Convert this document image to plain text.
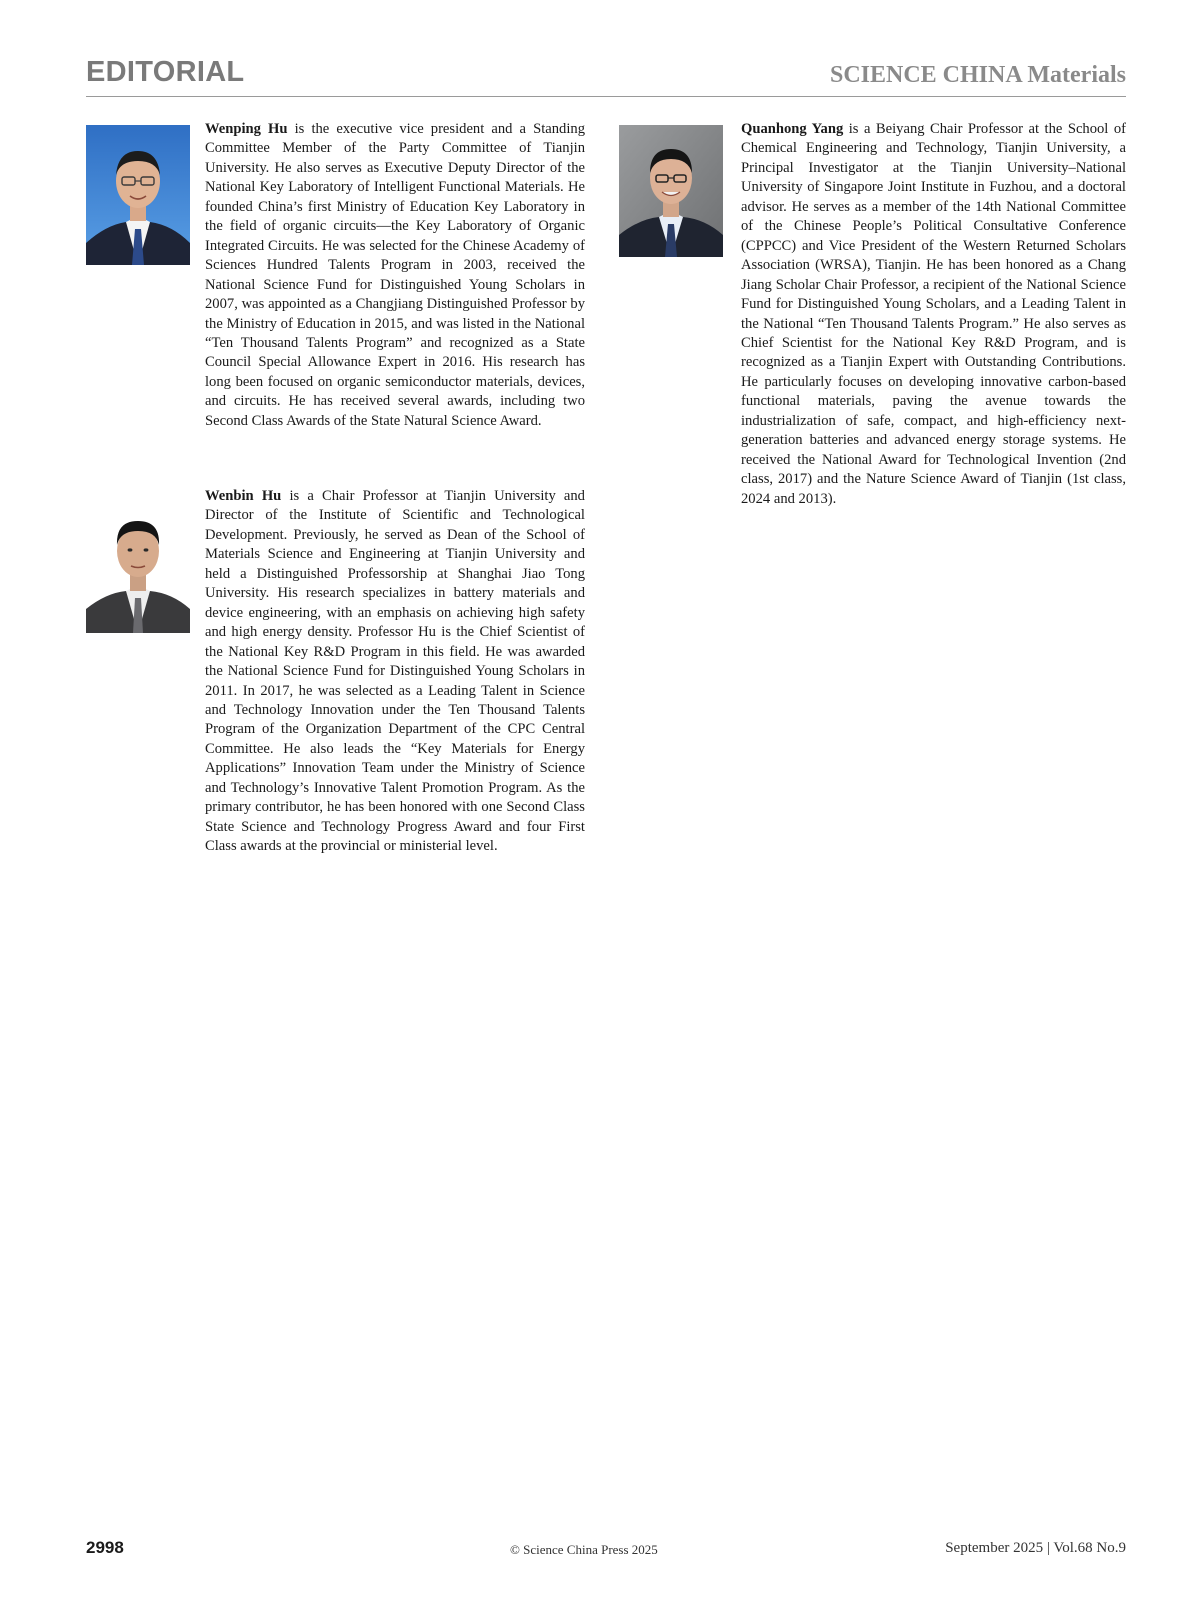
EDITORIAL	SCIENCE CHINA Materials

Wenping Hu is the executive vice president and a Standing Committee Member of the Party Committee of Tianjin University. He also serves as Executive Deputy Director of the National Key Laboratory of Intelligent Functional Materials. He founded China’s first Ministry of Education Key Laboratory in the field of organic circuits—the Key Laboratory of Organic Integrated Circuits. He was selected for the Chinese Academy of Sciences Hundred Talents Program in 2003, received the National Science Fund for Distinguished Young Scholars in 2007, was appointed as a Changjiang Distinguished Professor by the Ministry of Education in 2015, and was listed in the National “Ten Thousand Talents Program” and recognized as a State Council Special Allowance Expert in 2016. His research has long been focused on organic semiconductor materials, devices, and circuits. He has received several awards, including two Second Class Awards of the State Natural Science Award.

Wenbin Hu is a Chair Professor at Tianjin University and Director of the Institute of Scientific and Technological Development. Previously, he served as Dean of the School of Materials Science and Engineering at Tianjin University and held a Distinguished Professorship at Shanghai Jiao Tong University. His research specializes in battery materials and device engineering, with an emphasis on achieving high safety and high energy density. Professor Hu is the Chief Scientist of the National Key R&D Program in this field. He was awarded the National Science Fund for Distinguished Young Scholars in 2011. In 2017, he was selected as a Leading Talent in Science and Technology Innovation under the Ten Thousand Talents Program of the Organization Department of the CPC Central Committee. He also leads the “Key Materials for Energy Applications” Innovation Team under the Ministry of Science and Technology’s Innovative Talent Promotion Program. As the primary contributor, he has been honored with one Second Class State Science and Technology Progress Award and four First Class awards at the provincial or ministerial level.

Quanhong Yang is a Beiyang Chair Professor at the School of Chemical Engineering and Technology, Tianjin University, a Principal Investigator at the Tianjin University–National University of Singapore Joint Institute in Fuzhou, and a doctoral advisor. He serves as a member of the 14th National Committee of the Chinese People’s Political Consultative Conference (CPPCC) and Vice President of the Western Returned Scholars Association (WRSA), Tianjin. He has been honored as a Chang Jiang Scholar Chair Professor, a recipient of the National Science Fund for Distinguished Young Scholars, and a Leading Talent in the National “Ten Thousand Talents Program.” He also serves as Chief Scientist for the National Key R&D Program, and is recognized as a Tianjin Expert with Outstanding Contributions. He particularly focuses on developing innovative carbon-based functional materials, paving the avenue towards the industrialization of safe, compact, and high-efficiency next-generation batteries and advanced energy storage systems. He received the National Award for Technological Invention (2nd class, 2017) and the Nature Science Award of Tianjin (1st class, 2024 and 2013).

2998	© Science China Press 2025	September 2025 | Vol.68 No.9
